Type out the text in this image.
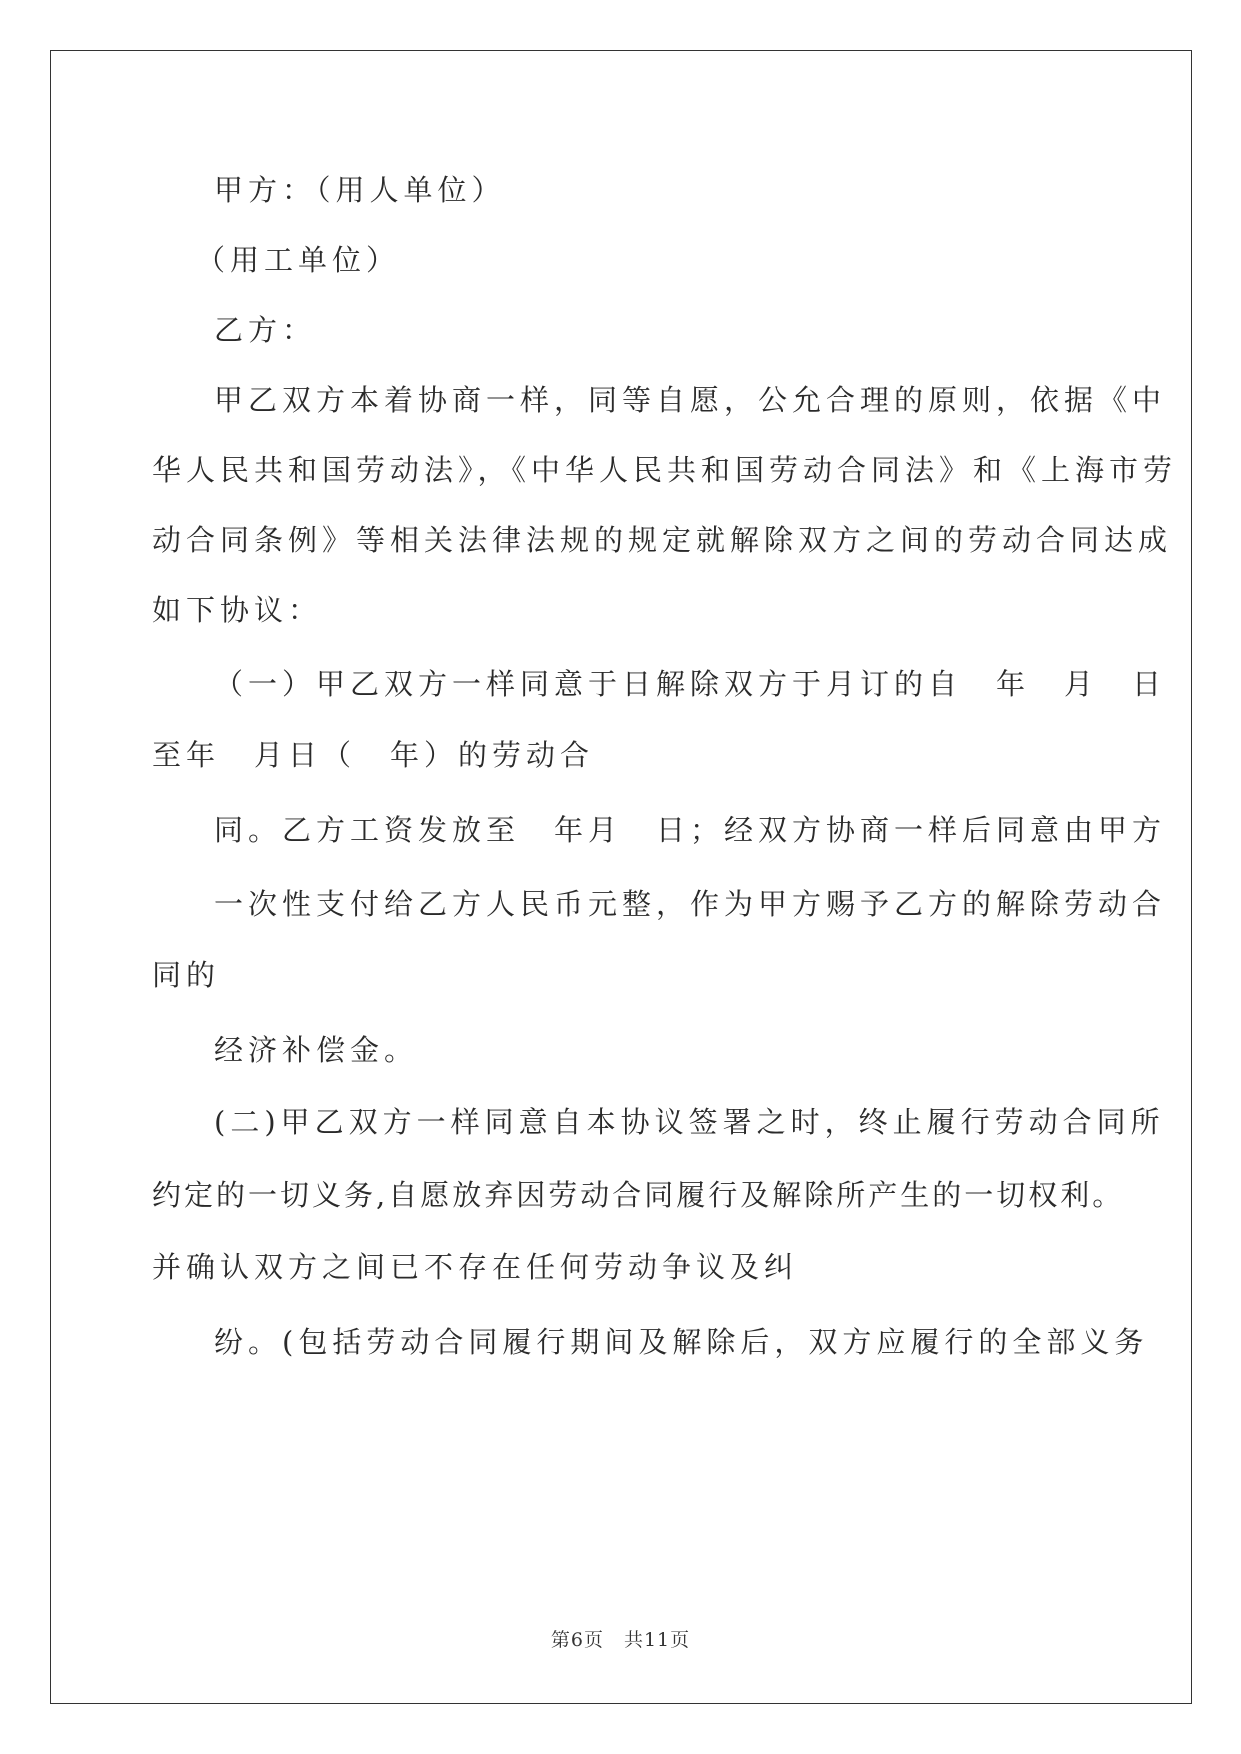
甲方：（用人单位）
（用工单位）
乙方：
甲乙双方本着协商一样，同等自愿，公允合理的原则，依据《中
华人民共和国劳动法》，《中华人民共和国劳动合同法》和《上海市劳
动合同条例》等相关法律法规的规定就解除双方之间的劳动合同达成
如下协议：
（一）甲乙双方一样同意于日解除双方于月订的自　年　月　日
至年　月日（　年）的劳动合
同。乙方工资发放至　年月　日；经双方协商一样后同意由甲方
一次性支付给乙方人民币元整，作为甲方赐予乙方的解除劳动合
同的
经济补偿金。
(二)甲乙双方一样同意自本协议签署之时，终止履行劳动合同所
约定的一切义务,自愿放弃因劳动合同履行及解除所产生的一切权利。
并确认双方之间已不存在任何劳动争议及纠
纷。(包括劳动合同履行期间及解除后，双方应履行的全部义务
第6页　共11页
